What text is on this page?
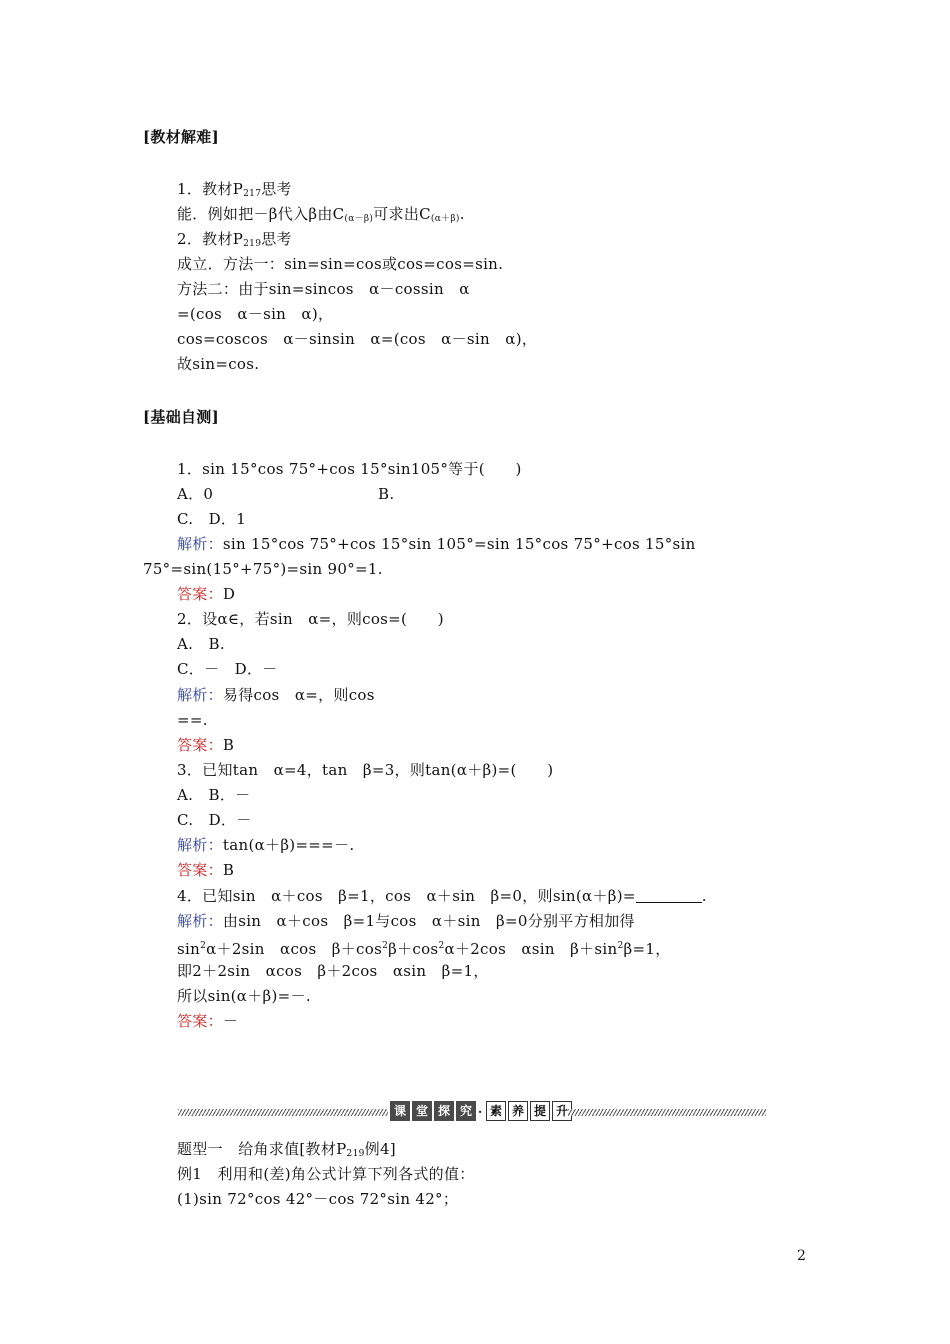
[教材解难]
1．教材$P_{217}$思考
能．例如把－β代入β由$C_{(\alpha-\beta)}$可求出$C_{(\alpha+\beta)}$.
2．教材$P_{219}$思考
成立．方法一：sin=sin=cos或cos=cos=sin.
方法二：由于sin=sincos　α－cossin　α
=(cos　α－sin　α)，
cos=coscos　α－sinsin　α=(cos　α－sin　α)，
故sin=cos.
[基础自测]
1．sin 15°cos 75°+cos 15°sin105°等于(　　)
A．0	B.
C.　D．1
解析：sin 15°cos 75°+cos 15°sin 105°=sin 15°cos 75°+cos 15°sin
75°=sin(15°+75°)=sin 90°=1.
答案：D
2．设α∈，若sin　α=，则cos=(　　)
A.　B.
C．－　D．－
解析：易得cos　α=，则cos
==.
答案：B
3．已知tan　α=4，tan　β=3，则tan(α＋β)=(　　)
A.　B．－
C.　D．－
解析：tan(α＋β)===－.
答案：B
4．已知sin　α＋cos　β=1，cos　α＋sin　β=0，则sin(α＋β)=	.
解析：由sin　α＋cos　β=1与cos　α＋sin　β=0分别平方相加得
$\sin^2\alpha+2\sin$　αcos　$\beta+\cos^2\beta+\cos^2\alpha+2\cos$　αsin　$\beta+\sin^2\beta=1$，
即2＋2sin　αcos　β＋2cos　αsin　β=1，
所以sin(α＋β)=－.
答案：－
课 堂 探 究 · 素 养 提 升
题型一　给角求值[教材$P_{219}$例4]
例1　利用和(差)角公式计算下列各式的值：
(1)sin 72°cos 42°－cos 72°sin 42°；
2
